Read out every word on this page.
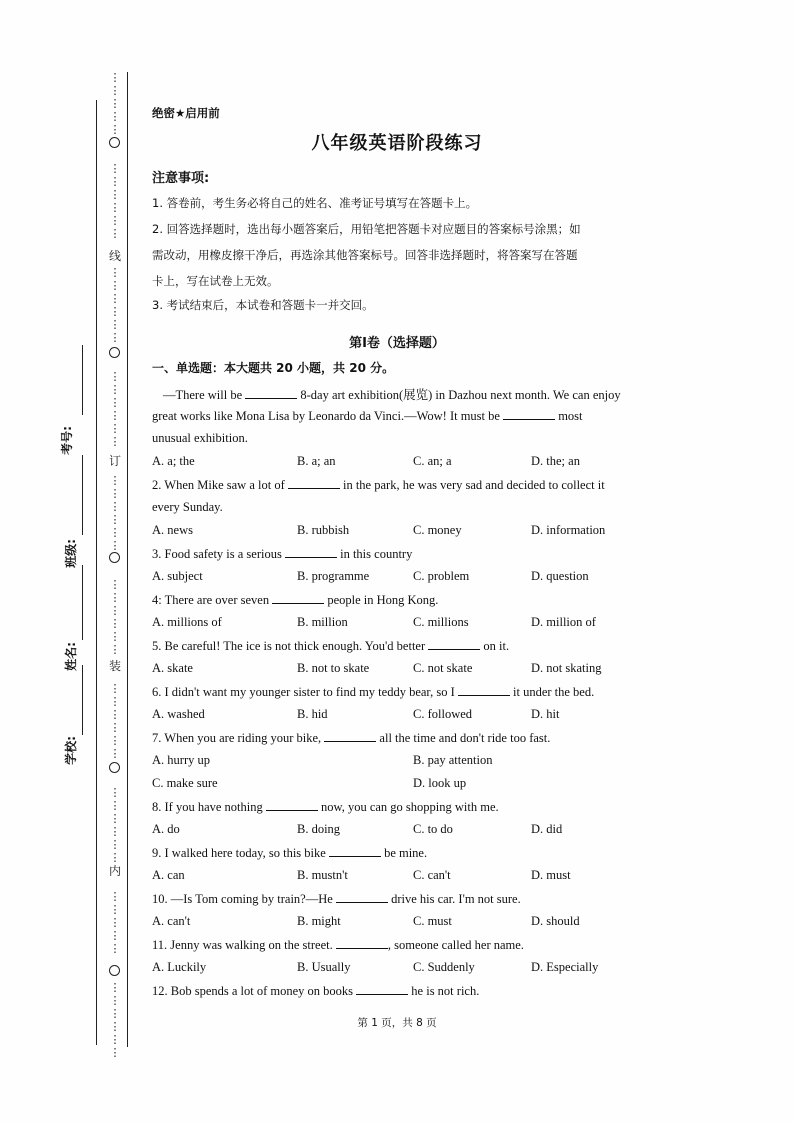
⋮
⋮
⋮
⋮
⋮
⋮
⋮
⋮
⋮
⋮
⋮
⋮
⋮
⋮
⋮
⋮
⋮
⋮
⋮
⋮
⋮
⋮
⋮
⋮
⋮
⋮
⋮
⋮
⋮
⋮
⋮
⋮
⋮
⋮
⋮
⋮
⋮
⋮
⋮
⋮
⋮
⋮
⋮
⋮
⋮
⋮
⋮
⋮
⋮
⋮
⋮
⋮
⋮
⋮
⋮
⋮
⋮
⋮
线
订
装
内
考号:
班级:
姓名:
学校:
绝密★启用前
八年级英语阶段练习
注意事项:
1. 答卷前，考生务必将自己的姓名、准考证号填写在答题卡上。
2. 回答选择题时，选出每小题答案后，用铅笔把答题卡对应题目的答案标号涂黑；如
需改动，用橡皮擦干净后，再选涂其他答案标号。回答非选择题时，将答案写在答题
卡上，写在试卷上无效。
3. 考试结束后，本试卷和答题卡一并交回。
第Ⅰ卷（选择题）
一、单选题：本大题共 20 小题，共 20 分。
—There will be	8-day art exhibition(展览) in Dazhou next month. We can enjoy
great works like Mona Lisa by Leonardo da Vinci.—Wow! It must be	most
unusual exhibition.
A. a; the	B. a; an	C. an; a	D. the; an
2. When Mike saw a lot of	in the park, he was very sad and decided to collect it
every Sunday.
A. news	B. rubbish	C. money	D. information
3. Food safety is a serious	in this country
A. subject	B. programme	C. problem	D. question
4: There are over seven	people in Hong Kong.
A. millions of	B. million	C. millions	D. million of
5. Be careful! The ice is not thick enough. You'd better	on it.
A. skate	B. not to skate	C. not skate	D. not skating
6. I didn't want my younger sister to find my teddy bear, so I	it under the bed.
A. washed	B. hid	C. followed	D. hit
7. When you are riding your bike,	all the time and don't ride too fast.
A. hurry up	B. pay attention
C. make sure	D. look up
8. If you have nothing	now, you can go shopping with me.
A. do	B. doing	C. to do	D. did
9. I walked here today, so this bike	be mine.
A. can	B. mustn't	C. can't	D. must
10. —Is Tom coming by train?—He	drive his car. I'm not sure.
A. can't	B. might	C. must	D. should
11. Jenny was walking on the street.	, someone called her name.
A. Luckily	B. Usually	C. Suddenly	D. Especially
12. Bob spends a lot of money on books	he is not rich.
第 1 页，共 8 页
